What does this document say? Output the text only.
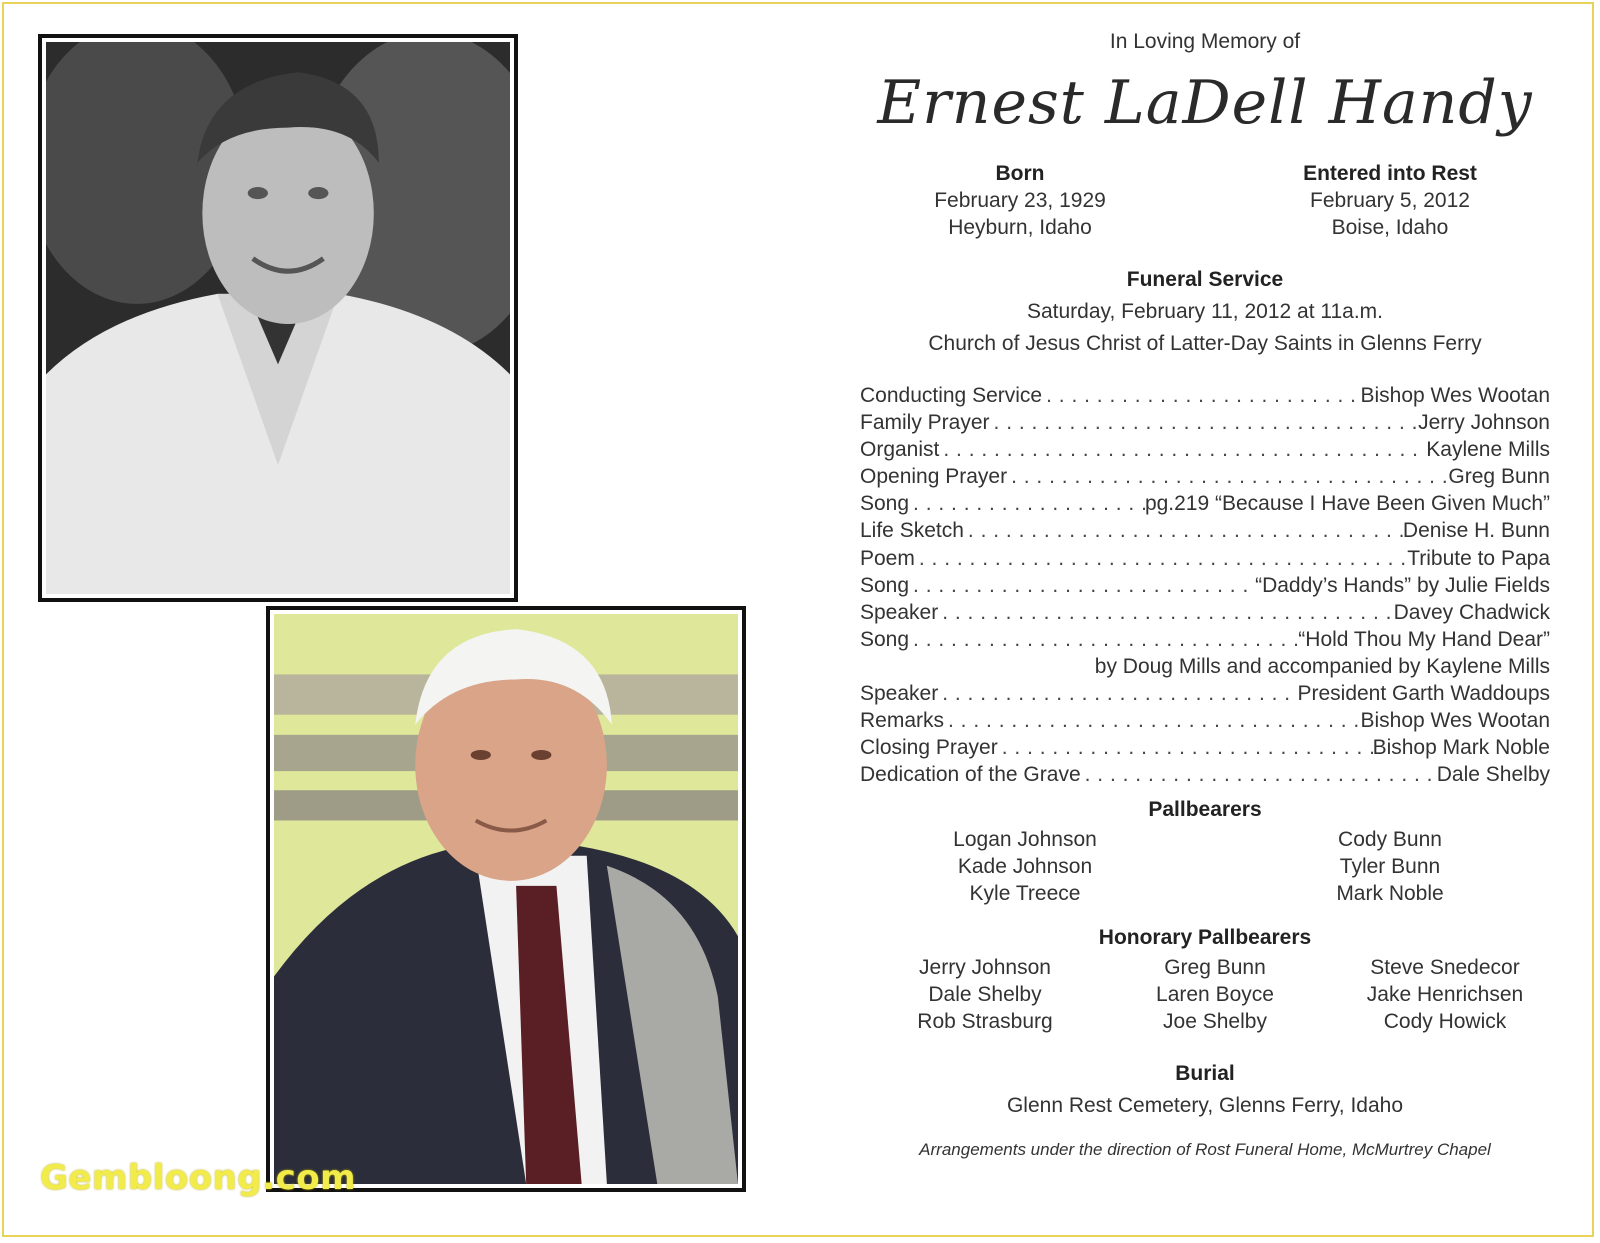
Gembloong.com
In Loving Memory of
Ernest LaDell Handy
Born
February 23, 1929
Heyburn, Idaho
Entered into Rest
February 5, 2012
Boise, Idaho
Funeral Service
Saturday, February 11, 2012 at 11a.m.
Church of Jesus Christ of Latter-Day Saints in Glenns Ferry
Conducting Service . . .	Bishop Wes Wootan
Family Prayer . . .	Jerry Johnson
Organist . . .	Kaylene Mills
Opening Prayer . . .	Greg Bunn
Song . . .	pg.219 “Because I Have Been Given Much”
Life Sketch . . .	Denise H. Bunn
Poem . . .	Tribute to Papa
Song . . .	“Daddy’s Hands” by Julie Fields
Speaker . . .	Davey Chadwick
Song . . .	“Hold Thou My Hand Dear”
by Doug Mills and accompanied by Kaylene Mills
Speaker . . .	President Garth Waddoups
Remarks . . .	Bishop Wes Wootan
Closing Prayer . . .	Bishop Mark Noble
Dedication of the Grave . . .	Dale Shelby
Pallbearers
Logan Johnson
Kade Johnson
Kyle Treece
Cody Bunn
Tyler Bunn
Mark Noble
Honorary Pallbearers
Jerry Johnson
Dale Shelby
Rob Strasburg
Greg Bunn
Laren Boyce
Joe Shelby
Steve Snedecor
Jake Henrichsen
Cody Howick
Burial
Glenn Rest Cemetery, Glenns Ferry, Idaho
Arrangements under the direction of Rost Funeral Home, McMurtrey Chapel
